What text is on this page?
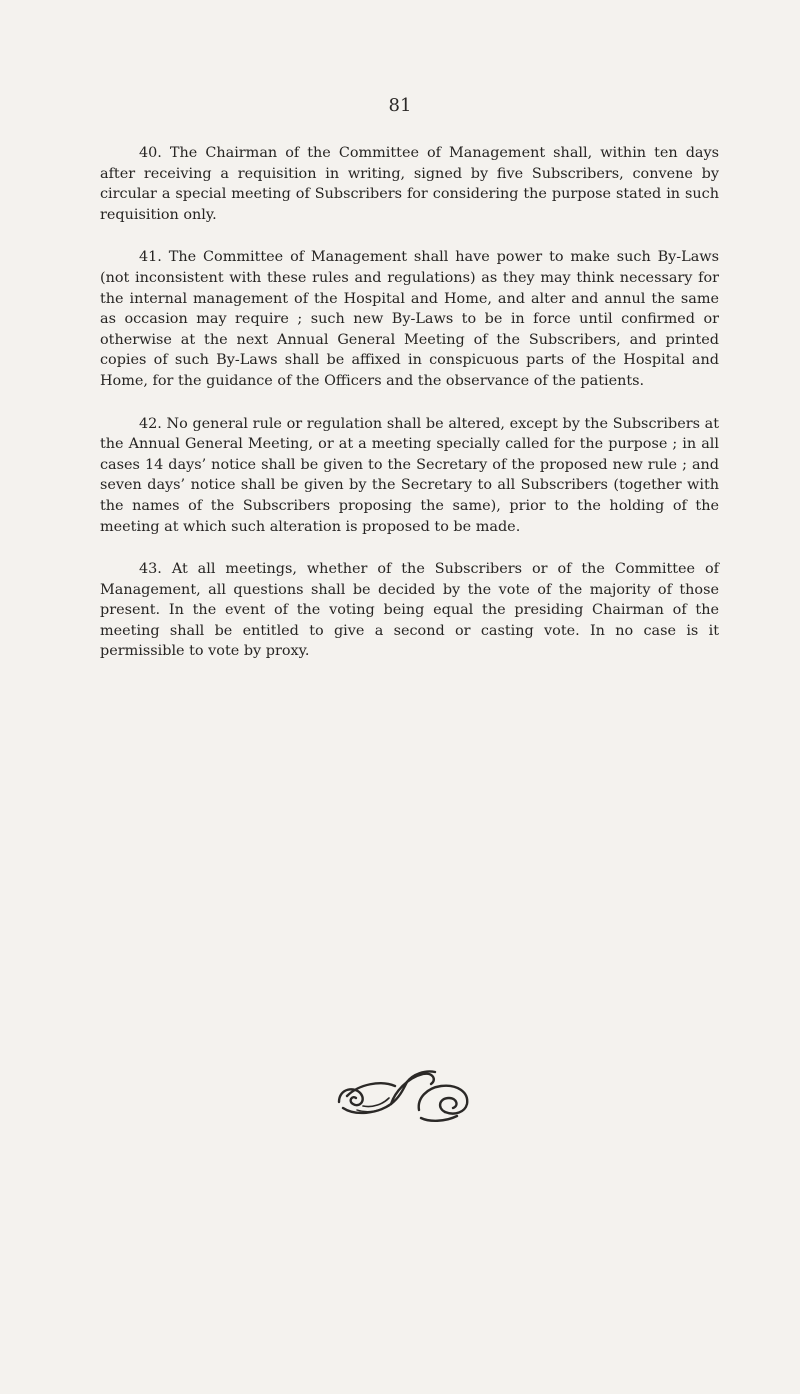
81

40. The Chairman of the Committee of Management shall, within ten days after receiving a requisition in writing, signed by five Subscribers, convene by circular a special meeting of Subscribers for considering the purpose stated in such requisition only.

41. The Committee of Management shall have power to make such By-Laws (not inconsistent with these rules and regulations) as they may think necessary for the internal management of the Hospital and Home, and alter and annul the same as occasion may require ; such new By-Laws to be in force until confirmed or otherwise at the next Annual General Meeting of the Subscribers, and printed copies of such By-Laws shall be affixed in conspicuous parts of the Hospital and Home, for the guidance of the Officers and the observance of the patients.

42. No general rule or regulation shall be altered, except by the Subscribers at the Annual General Meeting, or at a meeting specially called for the purpose ; in all cases 14 days’ notice shall be given to the Secretary of the proposed new rule ; and seven days’ notice shall be given by the Secretary to all Subscribers (together with the names of the Subscribers proposing the same), prior to the holding of the meeting at which such alteration is proposed to be made.

43. At all meetings, whether of the Subscribers or of the Committee of Management, all questions shall be decided by the vote of the majority of those present. In the event of the voting being equal the presiding Chairman of the meeting shall be entitled to give a second or casting vote. In no case is it permissible to vote by proxy.
